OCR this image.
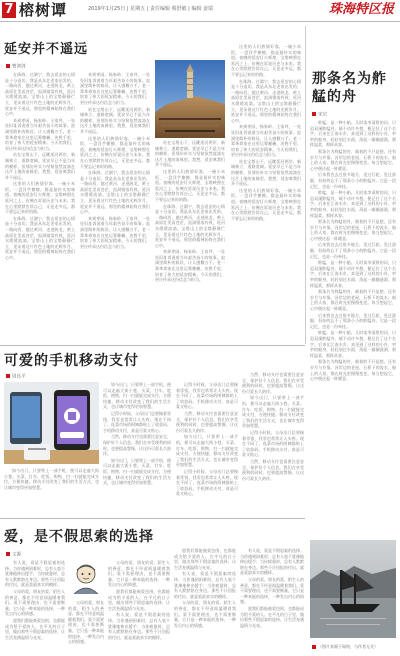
7 榕树谭	2019年1月25日 | 星期五 | 责任编辑 蔡舒敏 | 编辑 姜瑞	珠海特区报
延安并不遥远
曹鸿剑

在珠海、过湖宁，我去延安的心情是十分迫切。我是从东北老家出发的，一路向西，越过黄河、走进陕北，黄土高原壮美而苍茫，窑洞错落有致，延河水缓缓流淌。宝塔山上的宝塔静静伫立，见证着这片红色土地的光辉岁月。延安并不遥远，那里的精神始终在我们心中。

来到枣园、杨家岭、王家坪，一处处旧址诉说着当年艰苦奋斗的故事。窑洞里简朴的陈设，让人感慨万千。老一辈革命家在这里运筹帷幄，决胜千里，培育了伟大的延安精神。今天的我们，更应传承这份信念与担当。

站在宝塔山下，远眺延河两岸，新城林立，道路宽阔。延安早已不是当年的模样，但那份朴实与坚韧依然流淌在这片土地的血脉里。我想，延安离我们并不遥远。

这里的人们热情好客，一碗小米饭、一盘洋芋擦擦，都是最朴实的味道。夜晚的延安灯火辉煌，宝塔映照在延河之上，仿佛在诉说历史与未来。我在心里默默告诉自己，无论走多远，都不要忘记来时的路。

在珠海、过湖宁，我去延安的心情是十分迫切。我是从东北老家出发的，一路向西，越过黄河、走进陕北，黄土高原壮美而苍茫，窑洞错落有致，延河水缓缓流淌。宝塔山上的宝塔静静伫立，见证着这片红色土地的光辉岁月。延安并不遥远，那里的精神始终在我们心中。

来到枣园、杨家岭、王家坪，一处处旧址诉说着当年艰苦奋斗的故事。窑洞里简朴的陈设，让人感慨万千。老一辈革命家在这里运筹帷幄，决胜千里，培育了伟大的延安精神。今天的我们，更应传承这份信念与担当。

站在宝塔山下，远眺延河两岸，新城林立，道路宽阔。延安早已不是当年的模样，但那份朴实与坚韧依然流淌在这片土地的血脉里。我想，延安离我们并不遥远。

这里的人们热情好客，一碗小米饭、一盘洋芋擦擦，都是最朴实的味道。夜晚的延安灯火辉煌，宝塔映照在延河之上，仿佛在诉说历史与未来。我在心里默默告诉自己，无论走多远，都不要忘记来时的路。

在珠海、过湖宁，我去延安的心情是十分迫切。我是从东北老家出发的，一路向西，越过黄河、走进陕北，黄土高原壮美而苍茫，窑洞错落有致，延河水缓缓流淌。宝塔山上的宝塔静静伫立，见证着这片红色土地的光辉岁月。延安并不遥远，那里的精神始终在我们心中。

来到枣园、杨家岭、王家坪，一处处旧址诉说着当年艰苦奋斗的故事。窑洞里简朴的陈设，让人感慨万千。老一辈革命家在这里运筹帷幄，决胜千里，培育了伟大的延安精神。今天的我们，更应传承这份信念与担当。

站在宝塔山下，远眺延河两岸，新城林立，道路宽阔。延安早已不是当年的模样，但那份朴实与坚韧依然流淌在这片土地的血脉里。我想，延安离我们并不遥远。

这里的人们热情好客，一碗小米饭、一盘洋芋擦擦，都是最朴实的味道。夜晚的延安灯火辉煌，宝塔映照在延河之上，仿佛在诉说历史与未来。我在心里默默告诉自己，无论走多远，都不要忘记来时的路。

在珠海、过湖宁，我去延安的心情是十分迫切。我是从东北老家出发的，一路向西，越过黄河、走进陕北，黄土高原壮美而苍茫，窑洞错落有致，延河水缓缓流淌。宝塔山上的宝塔静静伫立，见证着这片红色土地的光辉岁月。延安并不遥远，那里的精神始终在我们心中。

来到枣园、杨家岭、王家坪，一处处旧址诉说着当年艰苦奋斗的故事。窑洞里简朴的陈设，让人感慨万千。老一辈革命家在这里运筹帷幄，决胜千里，培育了伟大的延安精神。今天的我们，更应传承这份信念与担当。

这里的人们热情好客，一碗小米饭、一盘洋芋擦擦，都是最朴实的味道。夜晚的延安灯火辉煌，宝塔映照在延河之上，仿佛在诉说历史与未来。我在心里默默告诉自己，无论走多远，都不要忘记来时的路。

在珠海、过湖宁，我去延安的心情是十分迫切。我是从东北老家出发的，一路向西，越过黄河、走进陕北，黄土高原壮美而苍茫，窑洞错落有致，延河水缓缓流淌。宝塔山上的宝塔静静伫立，见证着这片红色土地的光辉岁月。延安并不遥远，那里的精神始终在我们心中。

来到枣园、杨家岭、王家坪，一处处旧址诉说着当年艰苦奋斗的故事。窑洞里简朴的陈设，让人感慨万千。老一辈革命家在这里运筹帷幄，决胜千里，培育了伟大的延安精神。今天的我们，更应传承这份信念与担当。

站在宝塔山下，远眺延河两岸，新城林立，道路宽阔。延安早已不是当年的模样，但那份朴实与坚韧依然流淌在这片土地的血脉里。我想，延安离我们并不遥远。

这里的人们热情好客，一碗小米饭、一盘洋芋擦擦，都是最朴实的味道。夜晚的延安灯火辉煌，宝塔映照在延河之上，仿佛在诉说历史与未来。我在心里默默告诉自己，无论走多远，都不要忘记来时的路。

那条名为舴艋的舟
宋宗

舴艋，是一种小船。儿时读李清照的词，只恐双溪舴艋舟，载不动许多愁，便记住了这个名字。后来在江南水乡，真见到了这样的小舟，窄窄的船身，轻轻划过水面，荡起一圈圈涟漪，那样温柔，那样从容。

那条名为舴艋的舟，载着的不只是愁，还有岁月与乡情。河岸边的老屋，石桥下的流水，船上的人家，都在时光里慢慢变老。每当想起它，心中便泛起一阵暖意。

后来我也去过很多地方，见过巨轮，见过游艇，但始终忘不了那条小小的舴艋舟。它是一段记忆，也是一份牵挂。

舴艋，是一种小船。儿时读李清照的词，只恐双溪舴艋舟，载不动许多愁，便记住了这个名字。后来在江南水乡，真见到了这样的小舟，窄窄的船身，轻轻划过水面，荡起一圈圈涟漪，那样温柔，那样从容。

那条名为舴艋的舟，载着的不只是愁，还有岁月与乡情。河岸边的老屋，石桥下的流水，船上的人家，都在时光里慢慢变老。每当想起它，心中便泛起一阵暖意。

后来我也去过很多地方，见过巨轮，见过游艇，但始终忘不了那条小小的舴艋舟。它是一段记忆，也是一份牵挂。

舴艋，是一种小船。儿时读李清照的词，只恐双溪舴艋舟，载不动许多愁，便记住了这个名字。后来在江南水乡，真见到了这样的小舟，窄窄的船身，轻轻划过水面，荡起一圈圈涟漪，那样温柔，那样从容。

那条名为舴艋的舟，载着的不只是愁，还有岁月与乡情。河岸边的老屋，石桥下的流水，船上的人家，都在时光里慢慢变老。每当想起它，心中便泛起一阵暖意。

后来我也去过很多地方，见过巨轮，见过游艇，但始终忘不了那条小小的舴艋舟。它是一段记忆，也是一份牵挂。

舴艋，是一种小船。儿时读李清照的词，只恐双溪舴艋舟，载不动许多愁，便记住了这个名字。后来在江南水乡，真见到了这样的小舟，窄窄的船身，轻轻划过水面，荡起一圈圈涟漪，那样温柔，那样从容。

那条名为舴艋的舟，载着的不只是愁，还有岁月与乡情。河岸边的老屋，石桥下的流水，船上的人家，都在时光里慢慢变老。每当想起它，心中便泛起一阵暖意。

（图片来源于网络，与作者无关）
可爱的手机移动支付
周良平

如今出门，只要带上一部手机，便可以走遍大街小巷。买菜、打车、吃饭、购物，扫一扫就能完成支付，方便快捷。移动支付改变了我们的生活方式，也让城市变得更加智慧。

记得小时候，父母出门总要揣着零钱，找零也常常让人头疼。现在不同了，连菜市场的阿姨都贴上了收款码。手机移动支付，真是可爱又贴心。

当然，移动支付也需要注意安全，保护好个人信息。我们在享受便利的同时，也要提高警惕，让这份可爱长久陪伴。

如今出门，只要带上一部手机，便可以走遍大街小巷。买菜、打车、吃饭、购物，扫一扫就能完成支付，方便快捷。移动支付改变了我们的生活方式，也让城市变得更加智慧。

记得小时候，父母出门总要揣着零钱，找零也常常让人头疼。现在不同了，连菜市场的阿姨都贴上了收款码。手机移动支付，真是可爱又贴心。

当然，移动支付也需要注意安全，保护好个人信息。我们在享受便利的同时，也要提高警惕，让这份可爱长久陪伴。

如今出门，只要带上一部手机，便可以走遍大街小巷。买菜、打车、吃饭、购物，扫一扫就能完成支付，方便快捷。移动支付改变了我们的生活方式，也让城市变得更加智慧。

记得小时候，父母出门总要揣着零钱，找零也常常让人头疼。现在不同了，连菜市场的阿姨都贴上了收款码。手机移动支付，真是可爱又贴心。

当然，移动支付也需要注意安全，保护好个人信息。我们在享受便利的同时，也要提高警惕，让这份可爱长久陪伴。

如今出门，只要带上一部手机，便可以走遍大街小巷。买菜、打车、吃饭、购物，扫一扫就能完成支付，方便快捷。移动支付改变了我们的生活方式，也让城市变得更加智慧。

记得小时候，父母出门总要揣着零钱，找零也常常让人头疼。现在不同了，连菜市场的阿姨都贴上了收款码。手机移动支付，真是可爱又贴心。

当然，移动支付也需要注意安全，保护好个人信息。我们在享受便利的同时，也要提高警惕，让这份可爱长久陪伴。

如今出门，只要带上一部手机，便可以走遍大街小巷。买菜、打车、吃饭、购物，扫一扫就能完成支付，方便快捷。移动支付改变了我们的生活方式，也让城市变得更加智慧。

爱，是不假思索的选择
文源

有人说，爱是不假思索的选择。当你遇到困难时，总有人毫不犹豫地伸出援手；当你疲惫时，总有人默默陪在身边。那些不计回报的付出，就是爱最真实的模样。

父母的爱，朋友的爱，陌生人的善意，都在不经意间温暖着我们。爱不需要理由，也不需要衡量，它只是一种本能的选择，一种发自内心的情感。

愿我们都能被爱包围，也都能成为给予爱的人。在平凡的日子里，做出那些不假思索的选择，让生活充满温情与光亮。

父母的爱，朋友的爱，陌生人的善意，都在不经意间温暖着我们。爱不需要理由，也不需要衡量，它只是一种本能的选择，一种发自内心的情感。

父母的爱，朋友的爱，陌生人的善意，都在不经意间温暖着我们。爱不需要理由，也不需要衡量，它只是一种本能的选择，一种发自内心的情感。

愿我们都能被爱包围，也都能成为给予爱的人。在平凡的日子里，做出那些不假思索的选择，让生活充满温情与光亮。

有人说，爱是不假思索的选择。当你遇到困难时，总有人毫不犹豫地伸出援手；当你疲惫时，总有人默默陪在身边。那些不计回报的付出，就是爱最真实的模样。

愿我们都能被爱包围，也都能成为给予爱的人。在平凡的日子里，做出那些不假思索的选择，让生活充满温情与光亮。

有人说，爱是不假思索的选择。当你遇到困难时，总有人毫不犹豫地伸出援手；当你疲惫时，总有人默默陪在身边。那些不计回报的付出，就是爱最真实的模样。

父母的爱，朋友的爱，陌生人的善意，都在不经意间温暖着我们。爱不需要理由，也不需要衡量，它只是一种本能的选择，一种发自内心的情感。

有人说，爱是不假思索的选择。当你遇到困难时，总有人毫不犹豫地伸出援手；当你疲惫时，总有人默默陪在身边。那些不计回报的付出，就是爱最真实的模样。

父母的爱，朋友的爱，陌生人的善意，都在不经意间温暖着我们。爱不需要理由，也不需要衡量，它只是一种本能的选择，一种发自内心的情感。

愿我们都能被爱包围，也都能成为给予爱的人。在平凡的日子里，做出那些不假思索的选择，让生活充满温情与光亮。
